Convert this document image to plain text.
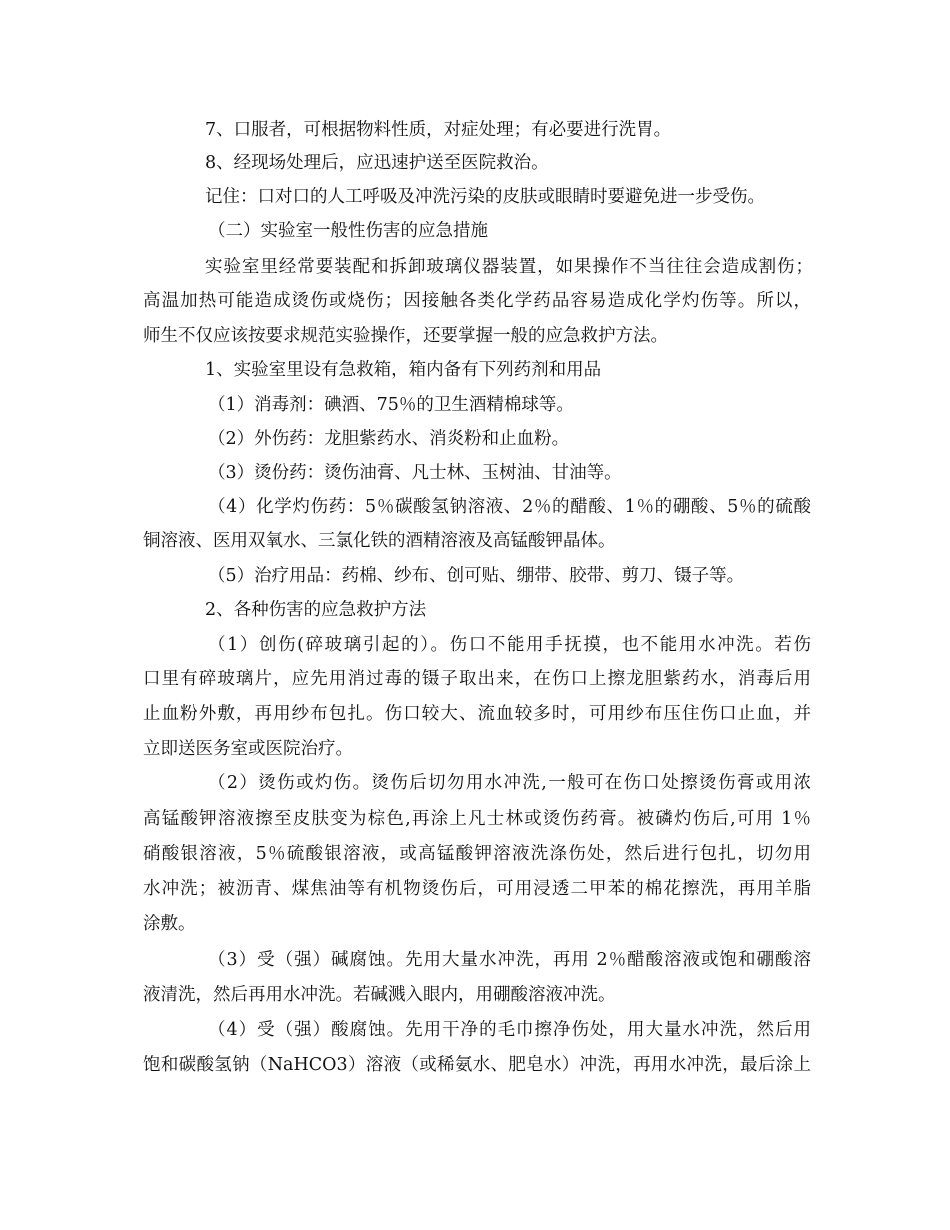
7、口服者，可根据物料性质，对症处理；有必要进行洗胃。
8、经现场处理后，应迅速护送至医院救治。
记住：口对口的人工呼吸及冲洗污染的皮肤或眼睛时要避免进一步受伤。
（二）实验室一般性伤害的应急措施
实验室里经常要装配和拆卸玻璃仪器装置，如果操作不当往往会造成割伤；
高温加热可能造成烫伤或烧伤；因接触各类化学药品容易造成化学灼伤等。所以，
师生不仅应该按要求规范实验操作，还要掌握一般的应急救护方法。
1、实验室里设有急救箱，箱内备有下列药剂和用品
（1）消毒剂：碘酒、75％的卫生酒精棉球等。
（2）外伤药：龙胆紫药水、消炎粉和止血粉。
（3）烫份药：烫伤油膏、凡士林、玉树油、甘油等。
（4）化学灼伤药：5％碳酸氢钠溶液、2％的醋酸、1％的硼酸、5％的硫酸
铜溶液、医用双氧水、三氯化铁的酒精溶液及高锰酸钾晶体。
（5）治疗用品：药棉、纱布、创可贴、绷带、胶带、剪刀、镊子等。
2、各种伤害的应急救护方法
（1）创伤(碎玻璃引起的）。伤口不能用手抚摸，也不能用水冲洗。若伤
口里有碎玻璃片，应先用消过毒的镊子取出来，在伤口上擦龙胆紫药水，消毒后用
止血粉外敷，再用纱布包扎。伤口较大、流血较多时，可用纱布压住伤口止血，并
立即送医务室或医院治疗。
（2）烫伤或灼伤。烫伤后切勿用水冲洗,一般可在伤口处擦烫伤膏或用浓
高锰酸钾溶液擦至皮肤变为棕色,再涂上凡士林或烫伤药膏。被磷灼伤后,可用 1％
硝酸银溶液，5％硫酸银溶液，或高锰酸钾溶液洗涤伤处，然后进行包扎，切勿用
水冲洗；被沥青、煤焦油等有机物烫伤后，可用浸透二甲苯的棉花擦洗，再用羊脂
涂敷。
（3）受（强）碱腐蚀。先用大量水冲洗，再用 2％醋酸溶液或饱和硼酸溶
液清洗，然后再用水冲洗。若碱溅入眼内，用硼酸溶液冲洗。
（4）受（强）酸腐蚀。先用干净的毛巾擦净伤处，用大量水冲洗，然后用
饱和碳酸氢钠（NaHCO3）溶液（或稀氨水、肥皂水）冲洗，再用水冲洗，最后涂上
